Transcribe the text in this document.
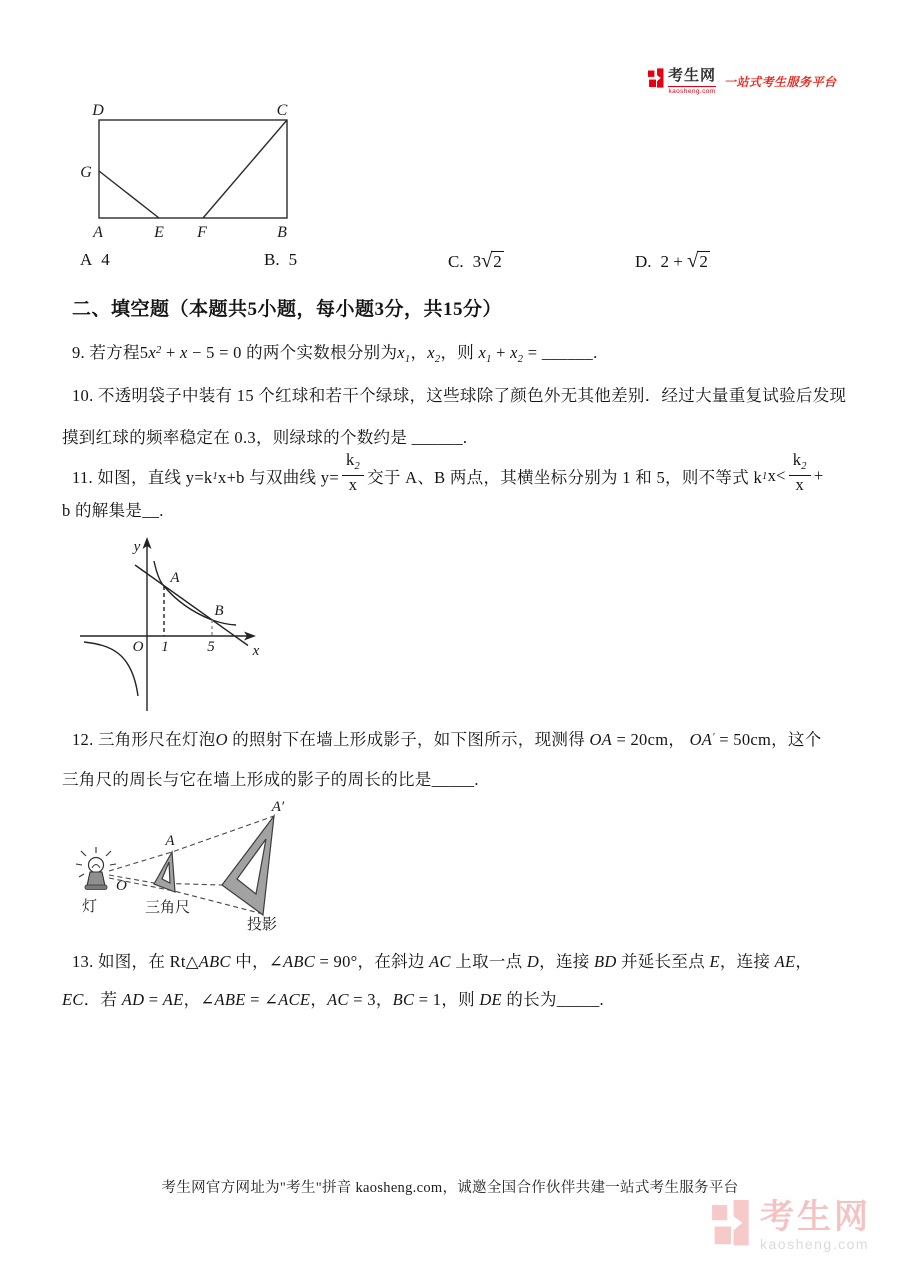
考生网
kaosheng.com
一站式考生服务平台
D	C
G
A	E F	B
A 4	B. 5	C. 3√2	D. 2 + √2
二、填空题（本题共5小题，每小题3分，共15分）
9. 若方程$5x^2 + x - 5 = 0$ 的两个实数根分别为$x_1$，$x_2$，则 $x_1 + x_2$ = ______.
10. 不透明袋子中装有 15 个红球和若干个绿球，这些球除了颜色外无其他差别．经过大量重复试验后发现
摸到红球的频率稳定在 0.3，则绿球的个数约是 ______.
11. 如图，直线 y=k 1 x+b 与双曲线 $y= \frac{k_2}{x}$ 交于 A、B 两点，其横坐标分别为 1 和 5，则不等式 k 1 $x< \frac{k_2}{x}$ +
b 的解集是__.
y
x
O 1	5
A
B
12. 三角形尺在灯泡O 的照射下在墙上形成影子，如下图所示，现测得 OA = 20cm， OA′ = 50cm，这个
三角尺的周长与它在墙上形成的影子的周长的比是_____.
灯
O
A
A′
三角尺
投影
13. 如图，在 Rt△ABC 中，∠ABC = 90°，在斜边 AC 上取一点 D，连接 BD 并延长至点 E，连接 AE，
EC．若 AD = AE，∠ABE = ∠ACE，AC = 3，BC = 1，则 DE 的长为_____.
考生网官方网址为"考生"拼音 kaosheng.com，诚邀全国合作伙伴共建一站式考生服务平台
考生网
kaosheng.com
